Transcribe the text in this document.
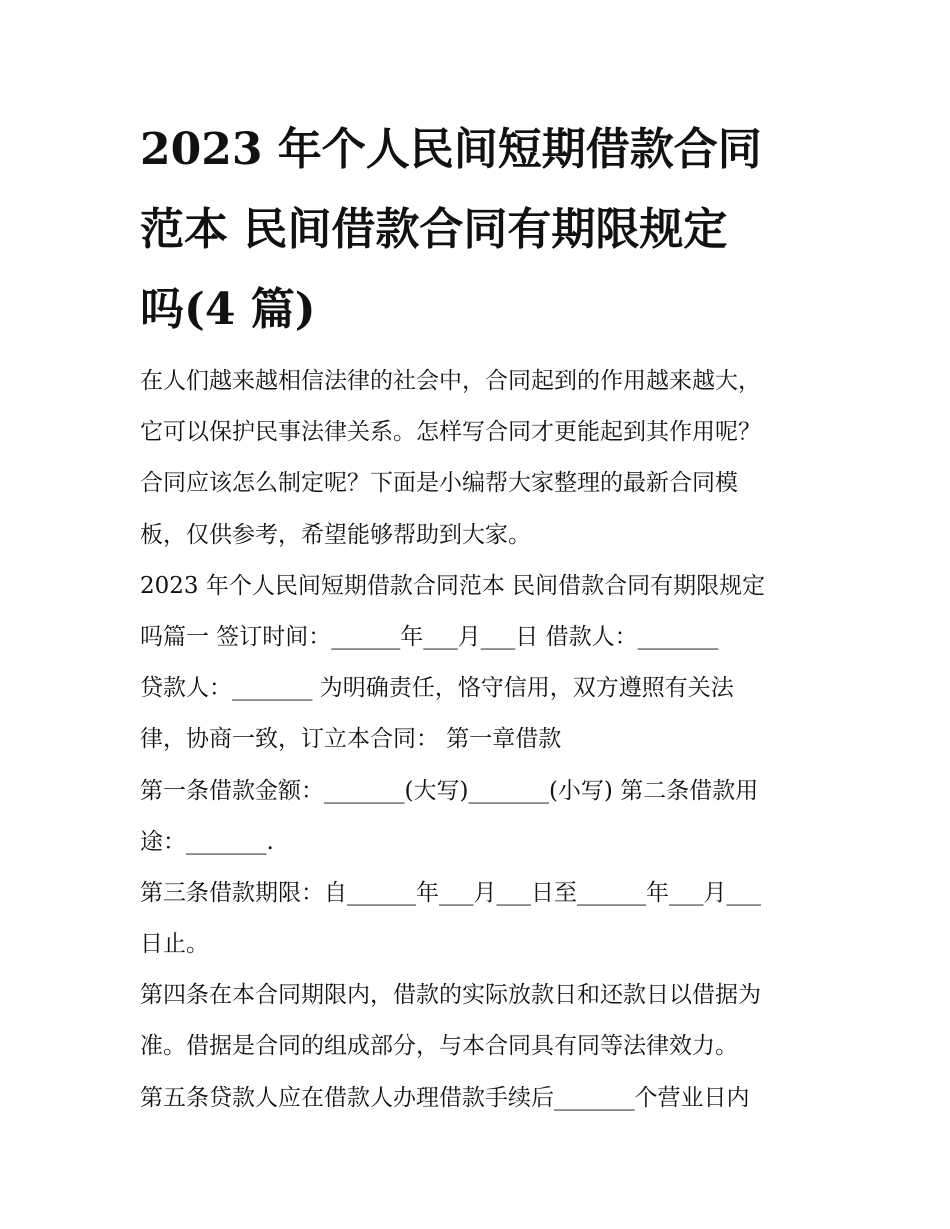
2023 年个人民间短期借款合同
范本 民间借款合同有期限规定
吗(4 篇)
在人们越来越相信法律的社会中，合同起到的作用越来越大，
它可以保护民事法律关系。怎样写合同才更能起到其作用呢？
合同应该怎么制定呢？下面是小编帮大家整理的最新合同模
板，仅供参考，希望能够帮助到大家。
2023 年个人民间短期借款合同范本 民间借款合同有期限规定
吗篇一 签订时间：______年___月___日 借款人：_______
贷款人：_______ 为明确责任，恪守信用，双方遵照有关法
律，协商一致，订立本合同： 第一章借款
第一条借款金额：_______(大写)_______(小写) 第二条借款用
途：_______.
第三条借款期限：自______年___月___日至______年___月___
日止。
第四条在本合同期限内，借款的实际放款日和还款日以借据为
准。借据是合同的组成部分，与本合同具有同等法律效力。
第五条贷款人应在借款人办理借款手续后_______个营业日内
